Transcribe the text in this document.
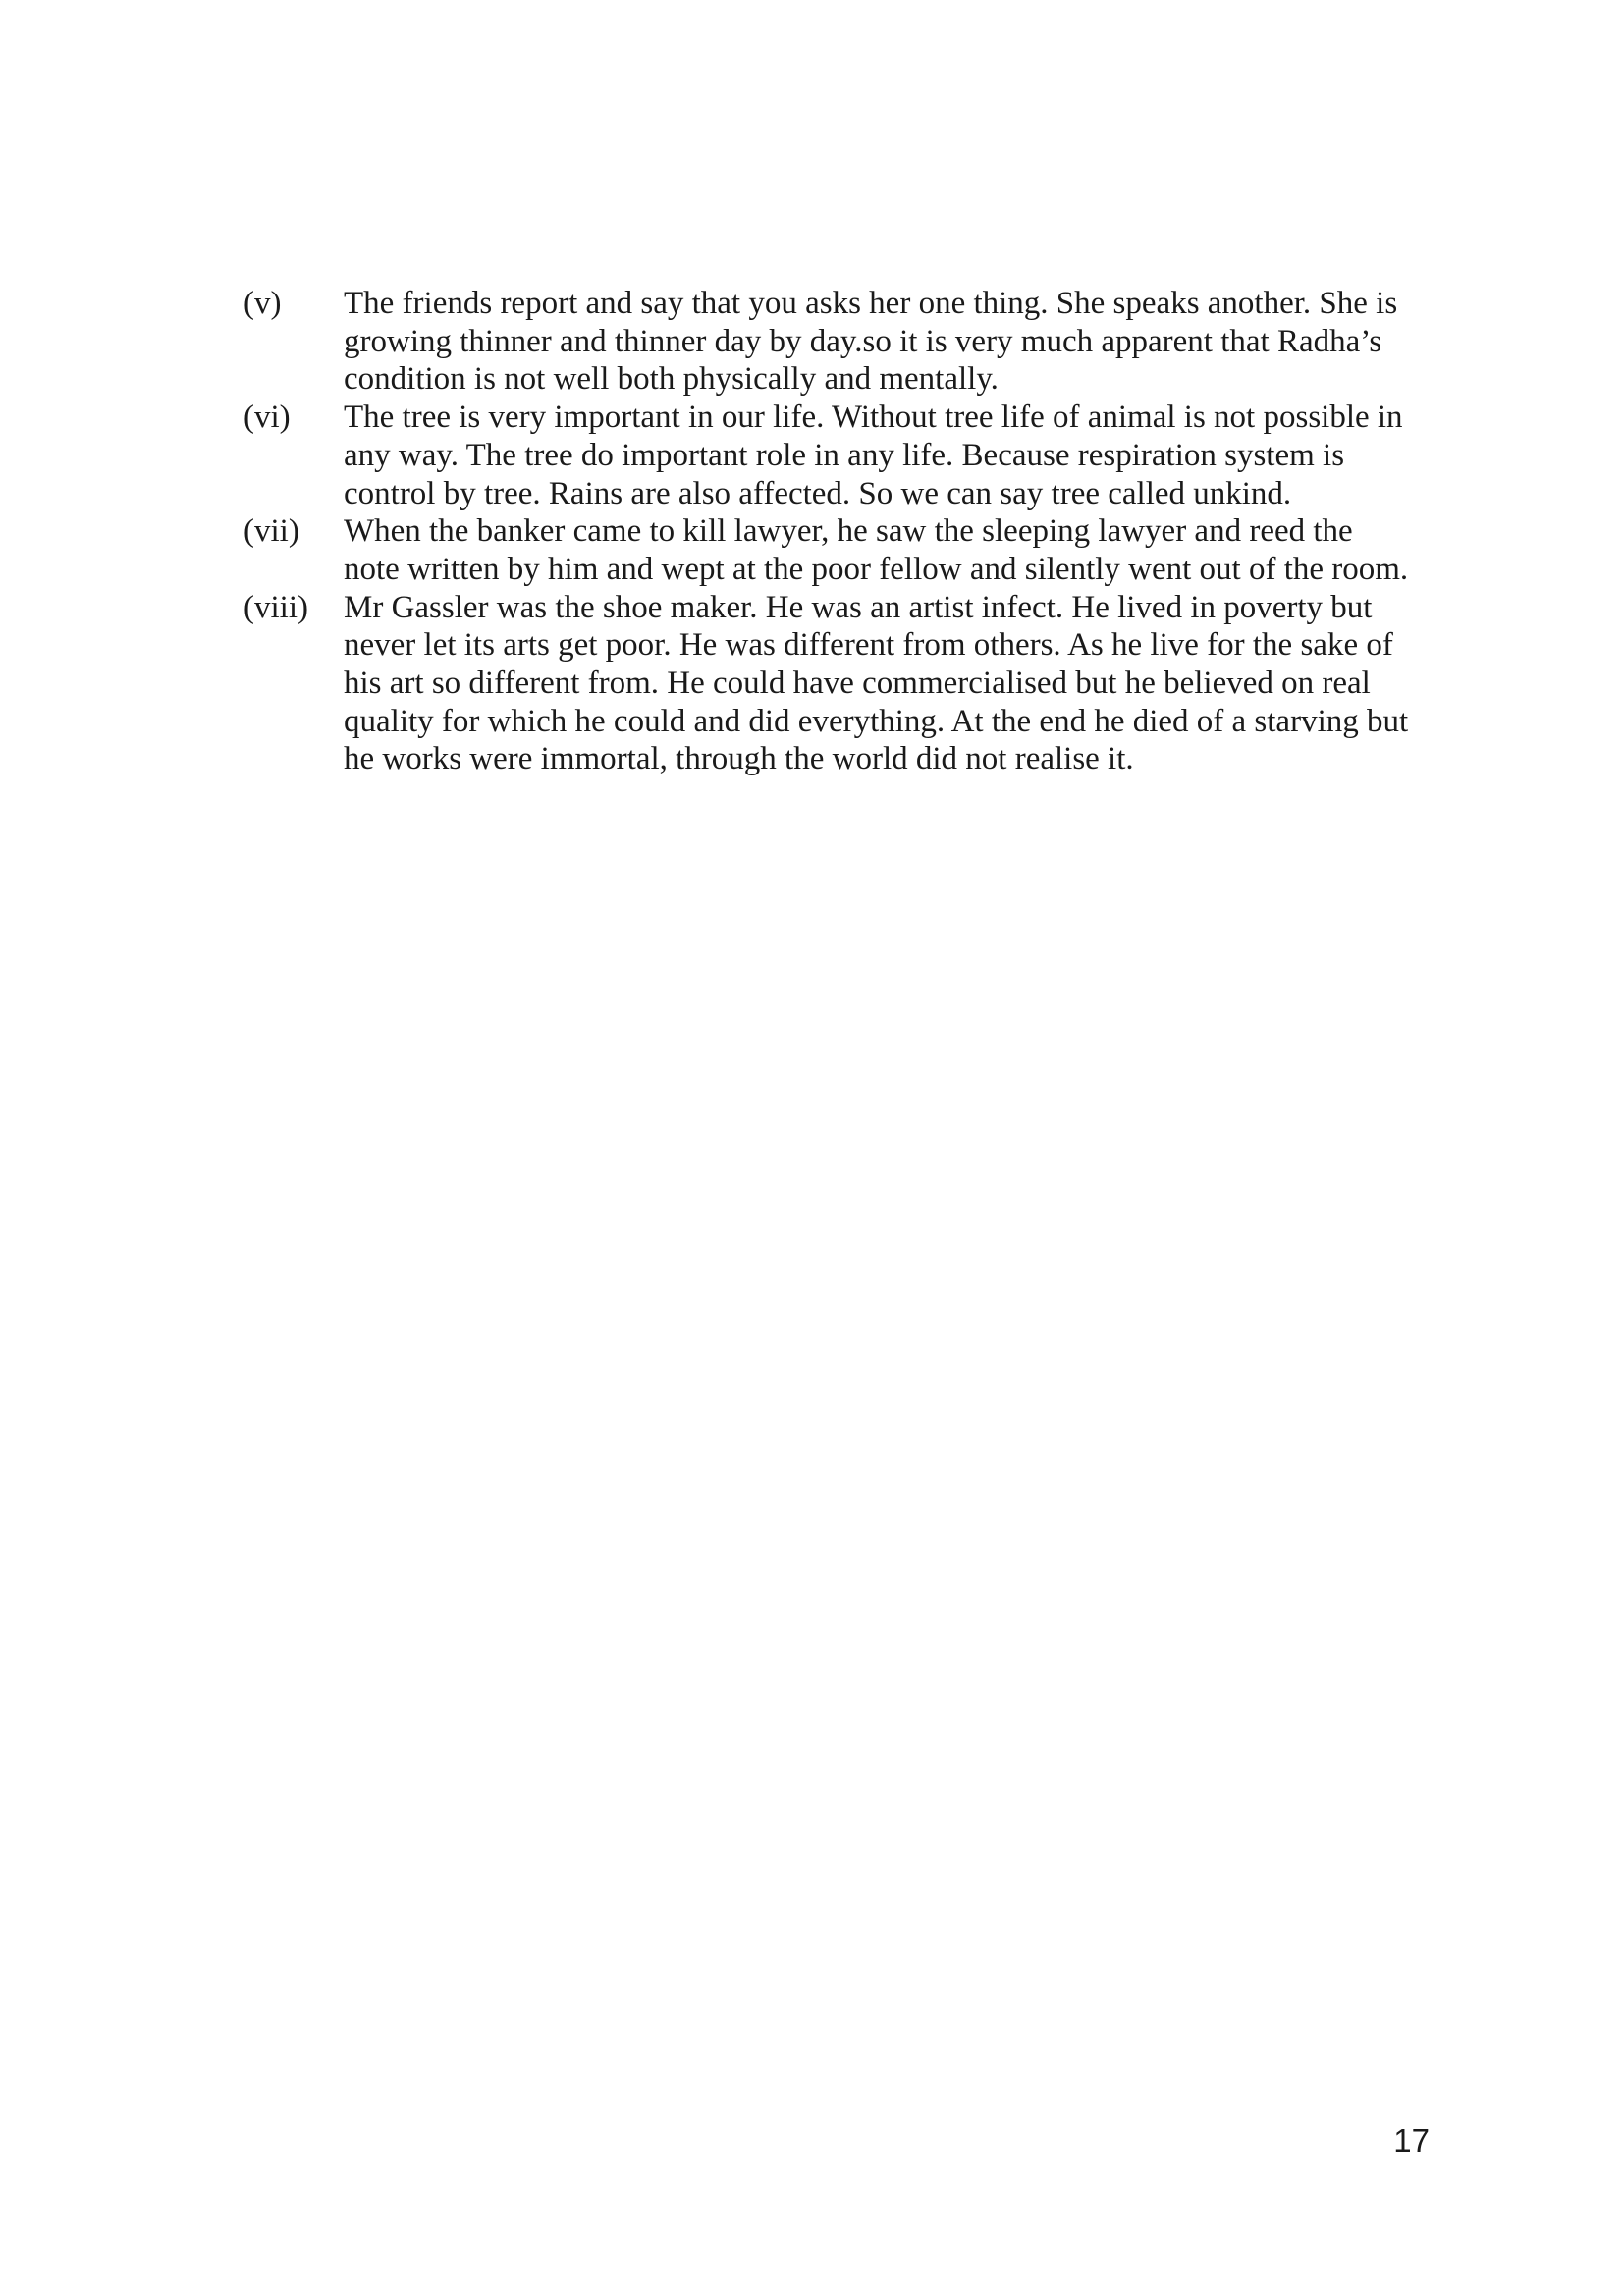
(v)	The friends report and say that you asks her one thing. She speaks another. She is
growing thinner and thinner day by day.so it is very much apparent that Radha’s
condition is not well both physically and mentally.
(vi)	The tree is very important in our life. Without tree life of animal is not possible in
any way. The tree do important role in any life. Because respiration system is
control by tree. Rains are also affected. So we can say tree called unkind.
(vii)	When the banker came to kill lawyer, he saw the sleeping lawyer and reed the
note written by him and wept at the poor fellow and silently went out of the room.
(viii)	Mr Gassler was the shoe maker. He was an artist infect. He lived in poverty but
never let its arts get poor. He was different from others. As he live for the sake of
his art so different from. He could have commercialised but he believed on real
quality for which he could and did everything. At the end he died of a starving but
he works were immortal, through the world did not realise it.
17
